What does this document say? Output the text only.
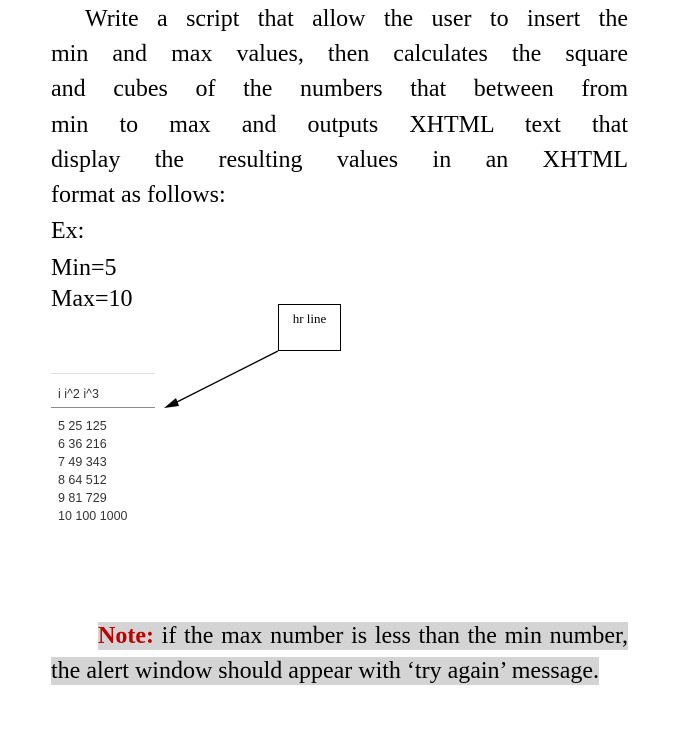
Write a script that allow the user to insert the
min and max values, then calculates the square
and cubes of the numbers that between from
min to max and outputs XHTML text that
display the resulting values in an XHTML
format as follows:
Ex:
Min=5
Max=10
hr line
i i^2 i^3
5 25 125
6 36 216
7 49 343
8 64 512
9 81 729
10 100 1000
Note: if the max number is less than the min number, the alert window should appear with ‘try again’ message.
